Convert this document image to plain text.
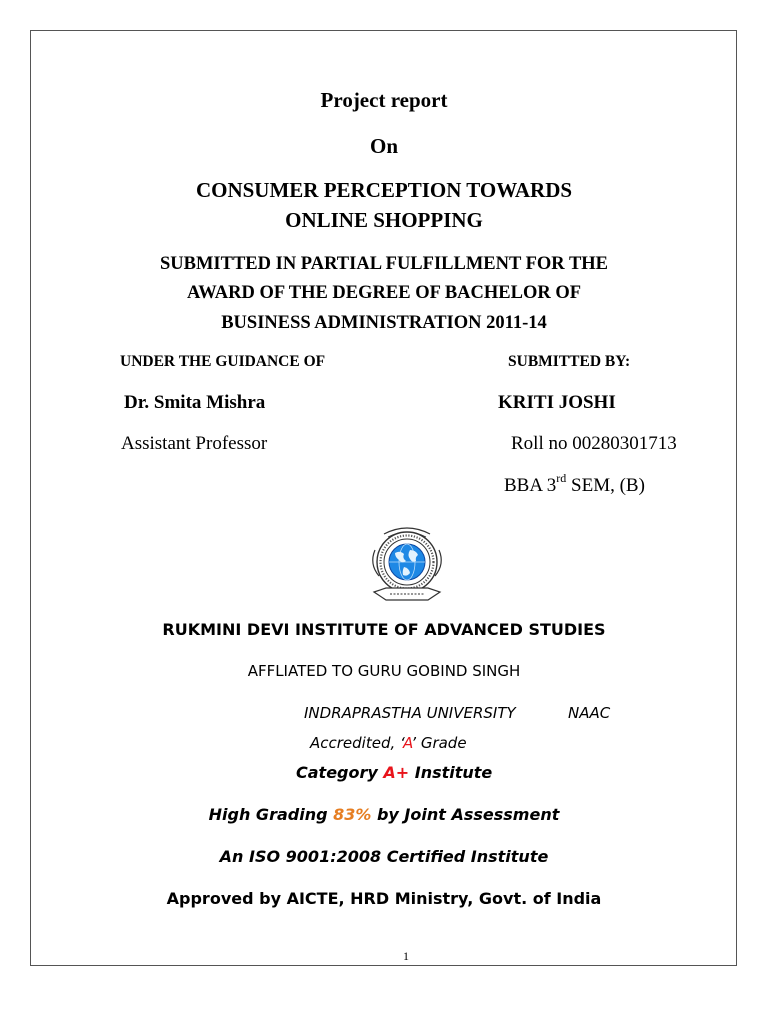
Project report
On
CONSUMER PERCEPTION TOWARDS
ONLINE SHOPPING
SUBMITTED IN PARTIAL FULFILLMENT FOR THE
AWARD OF THE DEGREE OF BACHELOR OF
BUSINESS ADMINISTRATION 2011-14
UNDER THE GUIDANCE OF	SUBMITTED BY:
Dr. Smita Mishra	KRITI JOSHI
Assistant Professor	Roll no 00280301713
BBA 3rd SEM, (B)
RUKMINI DEVI INSTITUTE OF ADVANCED STUDIES
AFFLIATED TO GURU GOBIND SINGH
INDRAPRASTHA UNIVERSITY	NAAC
Accredited, ‘A’ Grade
Category A+ Institute
High Grading 83% by Joint Assessment
An ISO 9001:2008 Certified Institute
Approved by AICTE, HRD Ministry, Govt. of India
1
